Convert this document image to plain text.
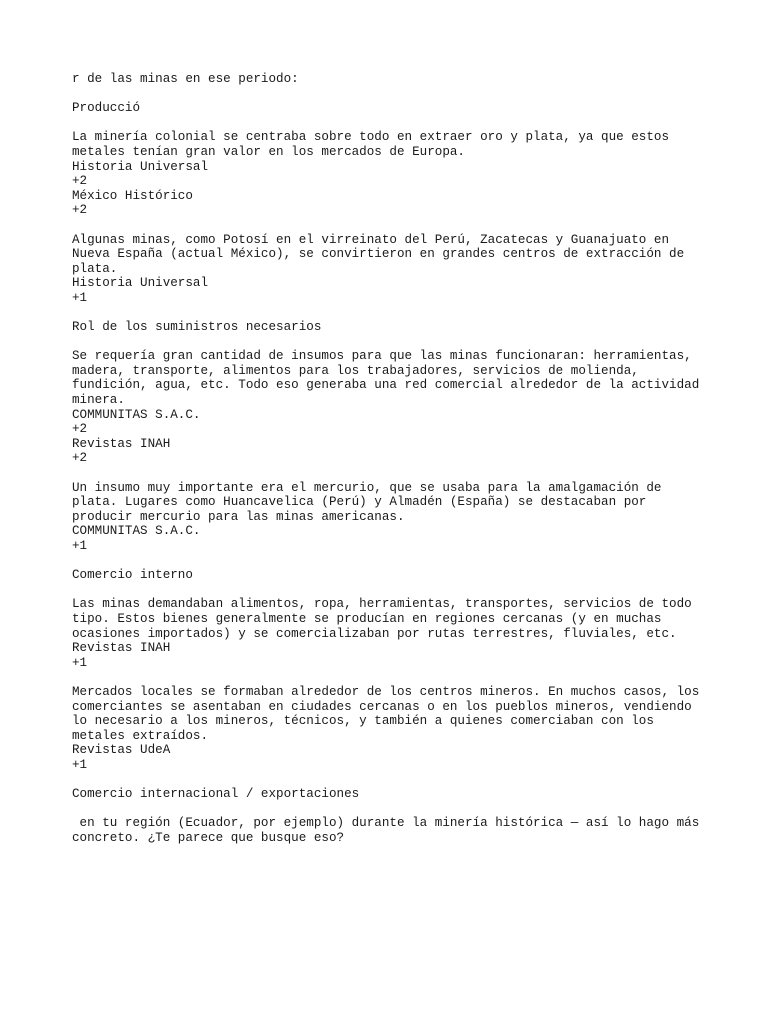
r de las minas en ese periodo:
Producció
La minería colonial se centraba sobre todo en extraer oro y plata, ya que estos
metales tenían gran valor en los mercados de Europa.
Historia Universal
+2
México Histórico
+2
Algunas minas, como Potosí en el virreinato del Perú, Zacatecas y Guanajuato en
Nueva España (actual México), se convirtieron en grandes centros de extracción de
plata.
Historia Universal
+1
Rol de los suministros necesarios
Se requería gran cantidad de insumos para que las minas funcionaran: herramientas,
madera, transporte, alimentos para los trabajadores, servicios de molienda,
fundición, agua, etc. Todo eso generaba una red comercial alrededor de la actividad
minera.
COMMUNITAS S.A.C.
+2
Revistas INAH
+2
Un insumo muy importante era el mercurio, que se usaba para la amalgamación de
plata. Lugares como Huancavelica (Perú) y Almadén (España) se destacaban por
producir mercurio para las minas americanas.
COMMUNITAS S.A.C.
+1
Comercio interno
Las minas demandaban alimentos, ropa, herramientas, transportes, servicios de todo
tipo. Estos bienes generalmente se producían en regiones cercanas (y en muchas
ocasiones importados) y se comercializaban por rutas terrestres, fluviales, etc.
Revistas INAH
+1
Mercados locales se formaban alrededor de los centros mineros. En muchos casos, los
comerciantes se asentaban en ciudades cercanas o en los pueblos mineros, vendiendo
lo necesario a los mineros, técnicos, y también a quienes comerciaban con los
metales extraídos.
Revistas UdeA
+1
Comercio internacional / exportaciones
en tu región (Ecuador, por ejemplo) durante la minería histórica — así lo hago más
concreto. ¿Te parece que busque eso?
